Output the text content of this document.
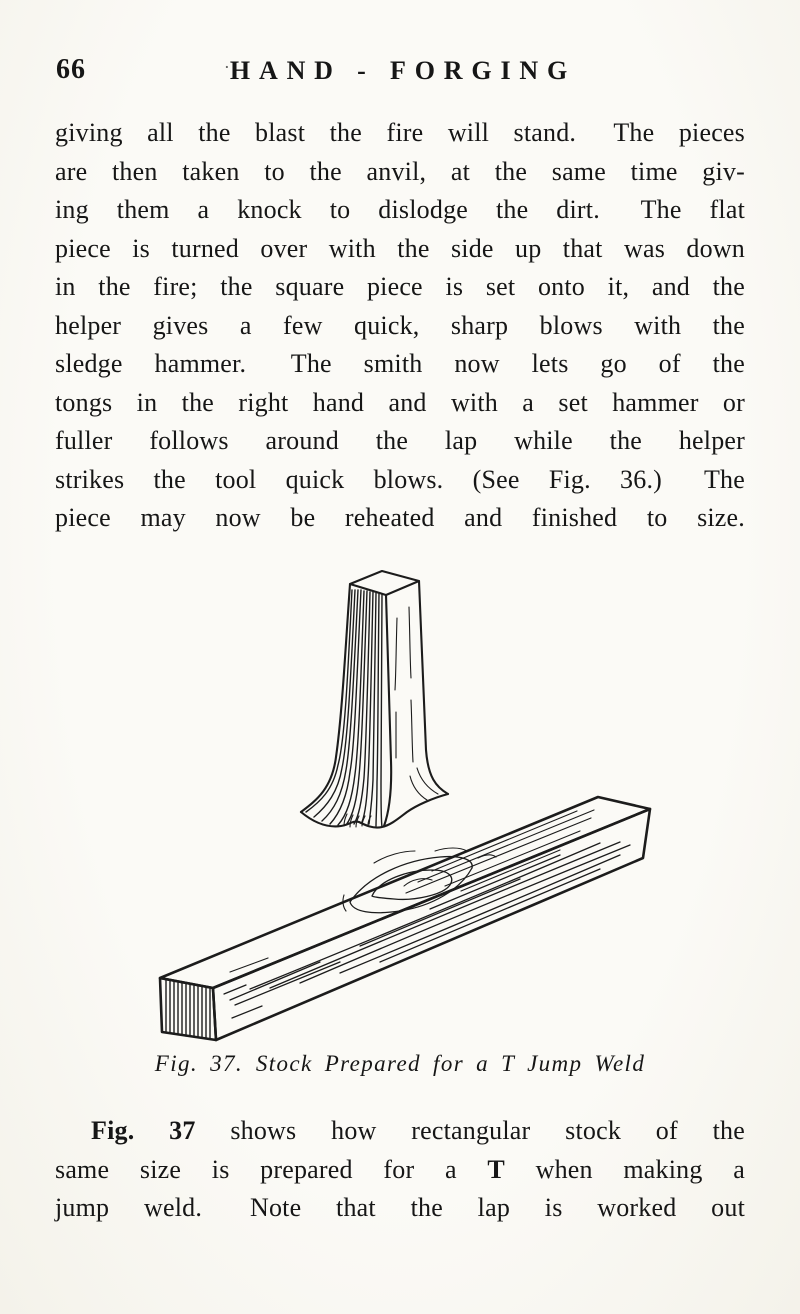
66	·HAND - FORGING
giving all the blast the fire will stand.  The pieces
are then taken to the anvil, at the same time giv-
ing them a knock to dislodge the dirt.  The flat
piece is turned over with the side up that was down
in the fire; the square piece is set onto it, and the
helper gives a few quick, sharp blows with the
sledge hammer.  The smith now lets go of the
tongs in the right hand and with a set hammer or
fuller follows around the lap while the helper
strikes the tool quick blows. (See Fig. 36.)  The
piece may now be reheated and finished to size.
Fig. 37. Stock Prepared for a T Jump Weld
Fig. 37 shows how rectangular stock of the
same size is prepared for a T when making a
jump weld.  Note that the lap is worked out
